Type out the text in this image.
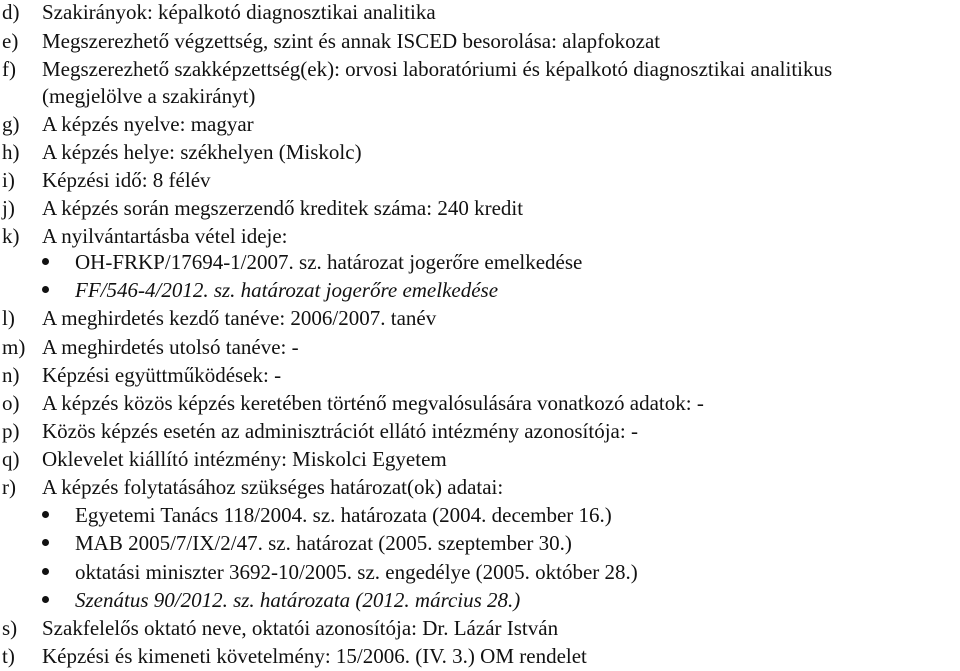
d) Szakirányok: képalkotó diagnosztikai analitika
e) Megszerezhető végzettség, szint és annak ISCED besorolása: alapfokozat
f) Megszerezhető szakképzettség(ek): orvosi laboratóriumi és képalkotó diagnosztikai analitikus
(megjelölve a szakirányt)
g) A képzés nyelve: magyar
h) A képzés helye: székhelyen (Miskolc)
i) Képzési idő: 8 félév
j) A képzés során megszerzendő kreditek száma: 240 kredit
k) A nyilvántartásba vétel ideje:
OH-FRKP/17694-1/2007. sz. határozat jogerőre emelkedése
FF/546-4/2012. sz. határozat jogerőre emelkedése
l) A meghirdetés kezdő tanéve: 2006/2007. tanév
m) A meghirdetés utolsó tanéve: -
n) Képzési együttműködések: -
o) A képzés közös képzés keretében történő megvalósulására vonatkozó adatok: -
p) Közös képzés esetén az adminisztrációt ellátó intézmény azonosítója: -
q) Oklevelet kiállító intézmény: Miskolci Egyetem
r) A képzés folytatásához szükséges határozat(ok) adatai:
Egyetemi Tanács 118/2004. sz. határozata (2004. december 16.)
MAB 2005/7/IX/2/47. sz. határozat (2005. szeptember 30.)
oktatási miniszter 3692-10/2005. sz. engedélye (2005. október 28.)
Szenátus 90/2012. sz. határozata (2012. március 28.)
s) Szakfelelős oktató neve, oktatói azonosítója: Dr. Lázár István
t) Képzési és kimeneti követelmény: 15/2006. (IV. 3.) OM rendelet
